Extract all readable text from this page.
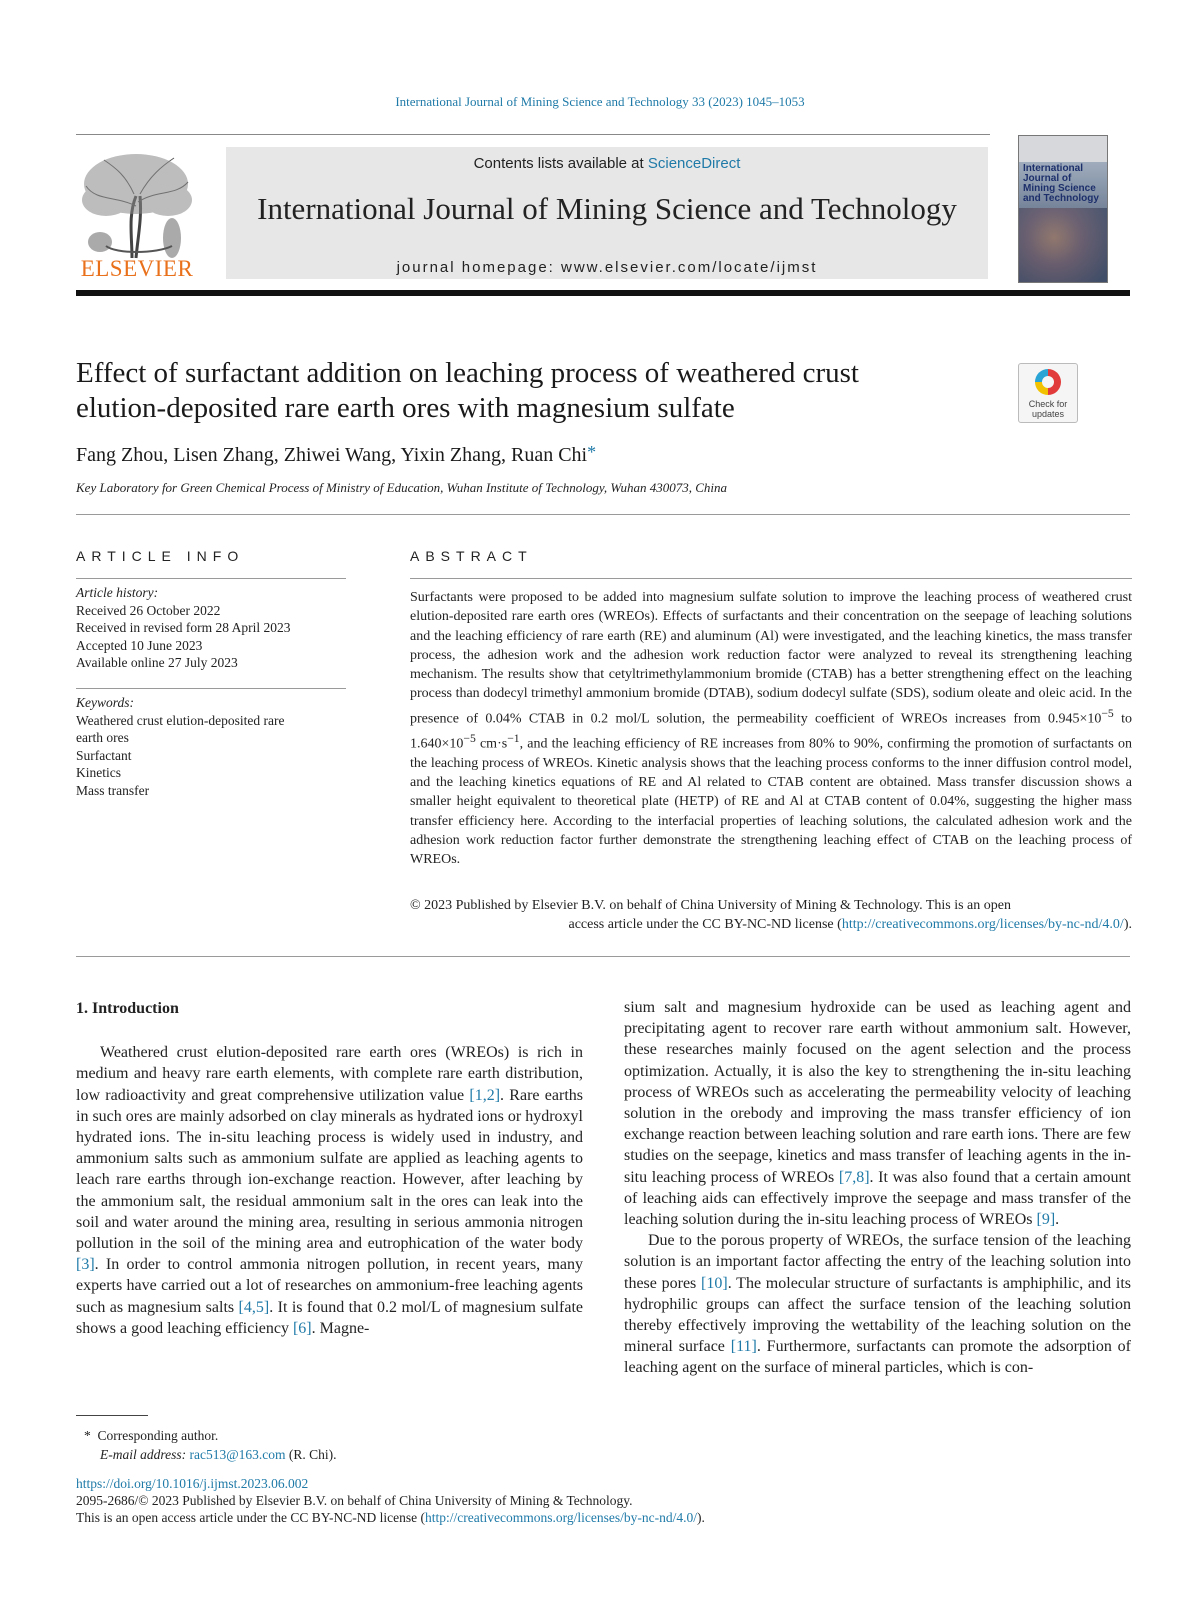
International Journal of Mining Science and Technology 33 (2023) 1045–1053
ELSEVIER
Contents lists available at ScienceDirect
International Journal of Mining Science and Technology
journal homepage: www.elsevier.com/locate/ijmst
International Journal of Mining Science and Technology
Effect of surfactant addition on leaching process of weathered crust
elution-deposited rare earth ores with magnesium sulfate	Check for updates
Fang Zhou, Lisen Zhang, Zhiwei Wang, Yixin Zhang, Ruan Chi*
Key Laboratory for Green Chemical Process of Ministry of Education, Wuhan Institute of Technology, Wuhan 430073, China
ARTICLE INFO
Article history:
Received 26 October 2022
Received in revised form 28 April 2023
Accepted 10 June 2023
Available online 27 July 2023
Keywords:
Weathered crust elution-deposited rare
earth ores
Surfactant
Kinetics
Mass transfer
ABSTRACT

Surfactants were proposed to be added into magnesium sulfate solution to improve the leaching process of weathered crust elution-deposited rare earth ores (WREOs). Effects of surfactants and their concentration on the seepage of leaching solutions and the leaching efficiency of rare earth (RE) and aluminum (Al) were investigated, and the leaching kinetics, the mass transfer process, the adhesion work and the adhesion work reduction factor were analyzed to reveal its strengthening leaching mechanism. The results show that cetyltrimethylammonium bromide (CTAB) has a better strengthening effect on the leaching process than dodecyl trimethyl ammonium bromide (DTAB), sodium dodecyl sulfate (SDS), sodium oleate and oleic acid. In the presence of 0.04% CTAB in 0.2 mol/L solution, the permeability coefficient of WREOs increases from $0.945\times 10^{-5}$ to $1.640\times 10^{-5}$ $cm\cdot s^{-1}$, and the leaching efficiency of RE increases from 80% to 90%, confirming the promotion of surfactants on the leaching process of WREOs. Kinetic analysis shows that the leaching process conforms to the inner diffusion control model, and the leaching kinetics equations of RE and Al related to CTAB content are obtained. Mass transfer discussion shows a smaller height equivalent to theoretical plate (HETP) of RE and Al at CTAB content of 0.04%, suggesting the higher mass transfer efficiency here. According to the interfacial properties of leaching solutions, the calculated adhesion work and the adhesion work reduction factor further demonstrate the strengthening leaching effect of CTAB on the leaching process of WREOs.

© 2023 Published by Elsevier B.V. on behalf of China University of Mining & Technology. This is an open
access article under the CC BY-NC-ND license (http://creativecommons.org/licenses/by-nc-nd/4.0/).

1. Introduction

Weathered crust elution-deposited rare earth ores (WREOs) is rich in medium and heavy rare earth elements, with complete rare earth distribution, low radioactivity and great comprehensive utilization value [1,2]. Rare earths in such ores are mainly adsorbed on clay minerals as hydrated ions or hydroxyl hydrated ions. The in-situ leaching process is widely used in industry, and ammonium salts such as ammonium sulfate are applied as leaching agents to leach rare earths through ion-exchange reaction. However, after leaching by the ammonium salt, the residual ammonium salt in the ores can leak into the soil and water around the mining area, resulting in serious ammonia nitrogen pollution in the soil of the mining area and eutrophication of the water body [3]. In order to control ammonia nitrogen pollution, in recent years, many experts have carried out a lot of researches on ammonium-free leaching agents such as magnesium salts [4,5]. It is found that 0.2 mol/L of magnesium sulfate shows a good leaching efficiency [6]. Magne-

sium salt and magnesium hydroxide can be used as leaching agent and precipitating agent to recover rare earth without ammonium salt. However, these researches mainly focused on the agent selection and the process optimization. Actually, it is also the key to strengthening the in-situ leaching process of WREOs such as accelerating the permeability velocity of leaching solution in the orebody and improving the mass transfer efficiency of ion exchange reaction between leaching solution and rare earth ions. There are few studies on the seepage, kinetics and mass transfer of leaching agents in the in-situ leaching process of WREOs [7,8]. It was also found that a certain amount of leaching aids can effectively improve the seepage and mass transfer of the leaching solution during the in-situ leaching process of WREOs [9].

Due to the porous property of WREOs, the surface tension of the leaching solution is an important factor affecting the entry of the leaching solution into these pores [10]. The molecular structure of surfactants is amphiphilic, and its hydrophilic groups can affect the surface tension of the leaching solution thereby effectively improving the wettability of the leaching solution on the mineral surface [11]. Furthermore, surfactants can promote the adsorption of leaching agent on the surface of mineral particles, which is con-

* Corresponding author.
E-mail address: rac513@163.com (R. Chi).
https://doi.org/10.1016/j.ijmst.2023.06.002
2095-2686/© 2023 Published by Elsevier B.V. on behalf of China University of Mining & Technology.
This is an open access article under the CC BY-NC-ND license (http://creativecommons.org/licenses/by-nc-nd/4.0/).
